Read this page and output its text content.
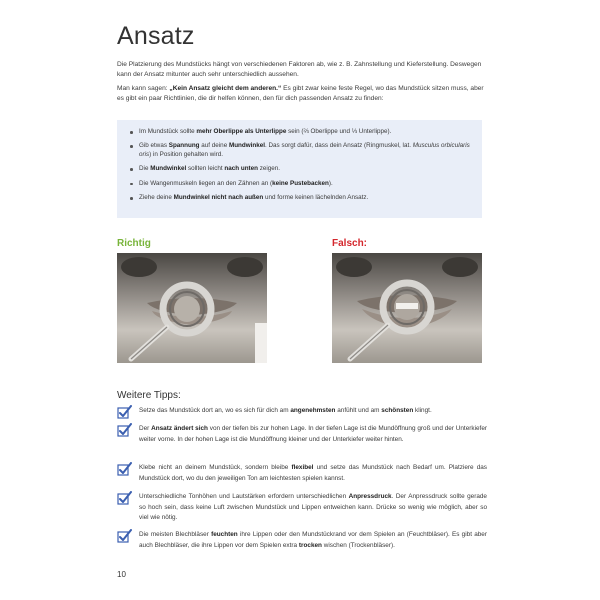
Ansatz

Die Platzierung des Mundstücks hängt von verschiedenen Faktoren ab, wie z. B. Zahnstellung und Kieferstellung. Deswegen kann der Ansatz mitunter auch sehr unterschiedlich aussehen.

Man kann sagen: „Kein Ansatz gleicht dem anderen.“ Es gibt zwar keine feste Regel, wo das Mundstück sitzen muss, aber es gibt ein paar Richtlinien, die dir helfen können, den für dich passenden Ansatz zu finden:

Im Mundstück sollte mehr Oberlippe als Unterlippe sein (⅔ Oberlippe und ⅓ Unterlippe).
Gib etwas Spannung auf deine Mundwinkel. Das sorgt dafür, dass dein Ansatz (Ringmuskel, lat. Musculus orbicularis oris) in Position gehalten wird.
Die Mundwinkel sollten leicht nach unten zeigen.
Die Wangenmuskeln liegen an den Zähnen an (keine Pustebacken).
Ziehe deine Mundwinkel nicht nach außen und forme keinen lächelnden Ansatz.

Richtig	Falsch:

Weitere Tipps:
Setze das Mundstück dort an, wo es sich für dich am angenehmsten anfühlt und am schönsten klingt.
Der Ansatz ändert sich von der tiefen bis zur hohen Lage. In der tiefen Lage ist die Mundöffnung groß und der Unterkiefer weiter vorne. In der hohen Lage ist die Mundöffnung kleiner und der Unterkiefer weiter hinten.
Klebe nicht an deinem Mundstück, sondern bleibe flexibel und setze das Mundstück nach Bedarf um. Platziere das Mundstück dort, wo du den jeweiligen Ton am leichtesten spielen kannst.
Unterschiedliche Tonhöhen und Lautstärken erfordern unterschiedlichen Anpressdruck. Der Anpressdruck sollte gerade so hoch sein, dass keine Luft zwischen Mundstück und Lippen entweichen kann. Drücke so wenig wie möglich, aber so viel wie nötig.
Die meisten Blechbläser feuchten ihre Lippen oder den Mundstückrand vor dem Spielen an (Feuchtbläser). Es gibt aber auch Blechbläser, die ihre Lippen vor dem Spielen extra trocken wischen (Trockenbläser).
10
